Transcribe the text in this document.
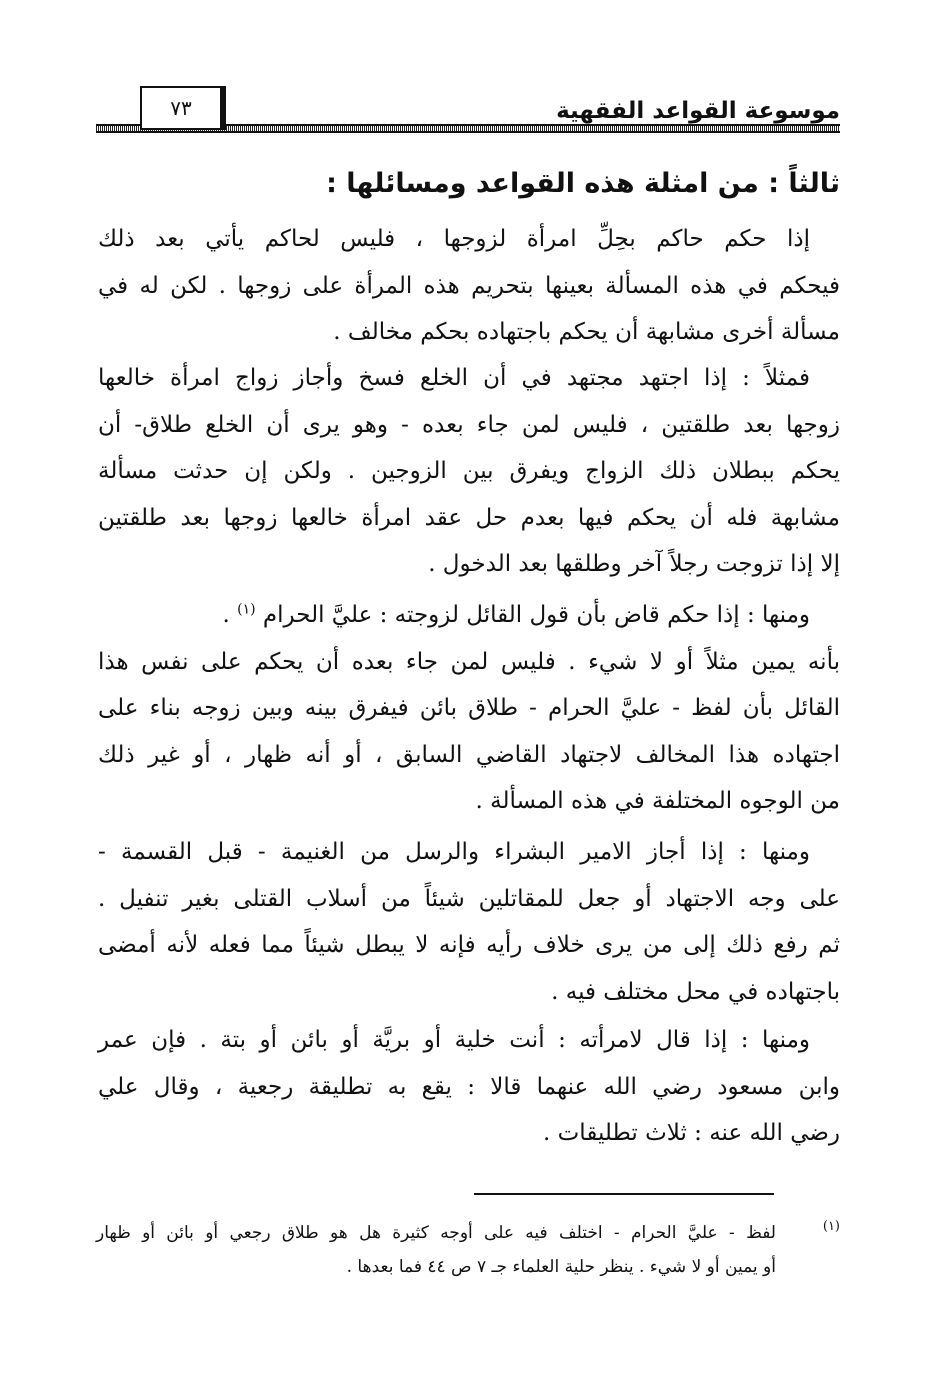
موسوعة القواعد الفقهية
٧٣
ثالثاً : من امثلة هذه القواعد ومسائلها :
إذا حكم حاكم بحِلِّ امرأة لزوجها ، فليس لحاكم يأتي بعد ذلك
فيحكم في هذه المسألة بعينها بتحريم هذه المرأة على زوجها . لكن له في
مسألة أخرى مشابهة أن يحكم باجتهاده بحكم مخالف .
فمثلاً : إذا اجتهد مجتهد في أن الخلع فسخ وأجاز زواج امرأة خالعها
زوجها بعد طلقتين ، فليس لمن جاء بعده - وهو يرى أن الخلع طلاق- أن
يحكم ببطلان ذلك الزواج ويفرق بين الزوجين . ولكن إن حدثت مسألة
مشابهة فله أن يحكم فيها بعدم حل عقد امرأة خالعها زوجها بعد طلقتين
إلا إذا تزوجت رجلاً آخر وطلقها بعد الدخول .
ومنها : إذا حكم قاض بأن قول القائل لزوجته : عليَّ الحرام $^{(١)}$ .
بأنه يمين مثلاً أو لا شيء . فليس لمن جاء بعده أن يحكم على نفس هذا
القائل بأن لفظ - عليَّ الحرام - طلاق بائن فيفرق بينه وبين زوجه بناء على
اجتهاده هذا المخالف لاجتهاد القاضي السابق ، أو أنه ظهار ، أو غير ذلك
من الوجوه المختلفة في هذه المسألة .
ومنها : إذا أجاز الامير البشراء والرسل من الغنيمة - قبل القسمة -
على وجه الاجتهاد أو جعل للمقاتلين شيئاً من أسلاب القتلى بغير تنفيل .
ثم رفع ذلك إلى من يرى خلاف رأيه فإنه لا يبطل شيئاً مما فعله لأنه أمضى
باجتهاده في محل مختلف فيه .
ومنها : إذا قال لامرأته : أنت خلية أو بريَّة أو بائن أو بتة . فإن عمر
وابن مسعود رضي الله عنهما قالا : يقع به تطليقة رجعية ، وقال علي
رضي الله عنه : ثلاث تطليقات .
(١)
لفظ - عليَّ الحرام - اختلف فيه على أوجه كثيرة هل هو طلاق رجعي أو بائن أو ظهار
أو يمين أو لا شيء . ينظر حلية العلماء جـ ٧ ص ٤٤ فما بعدها .
